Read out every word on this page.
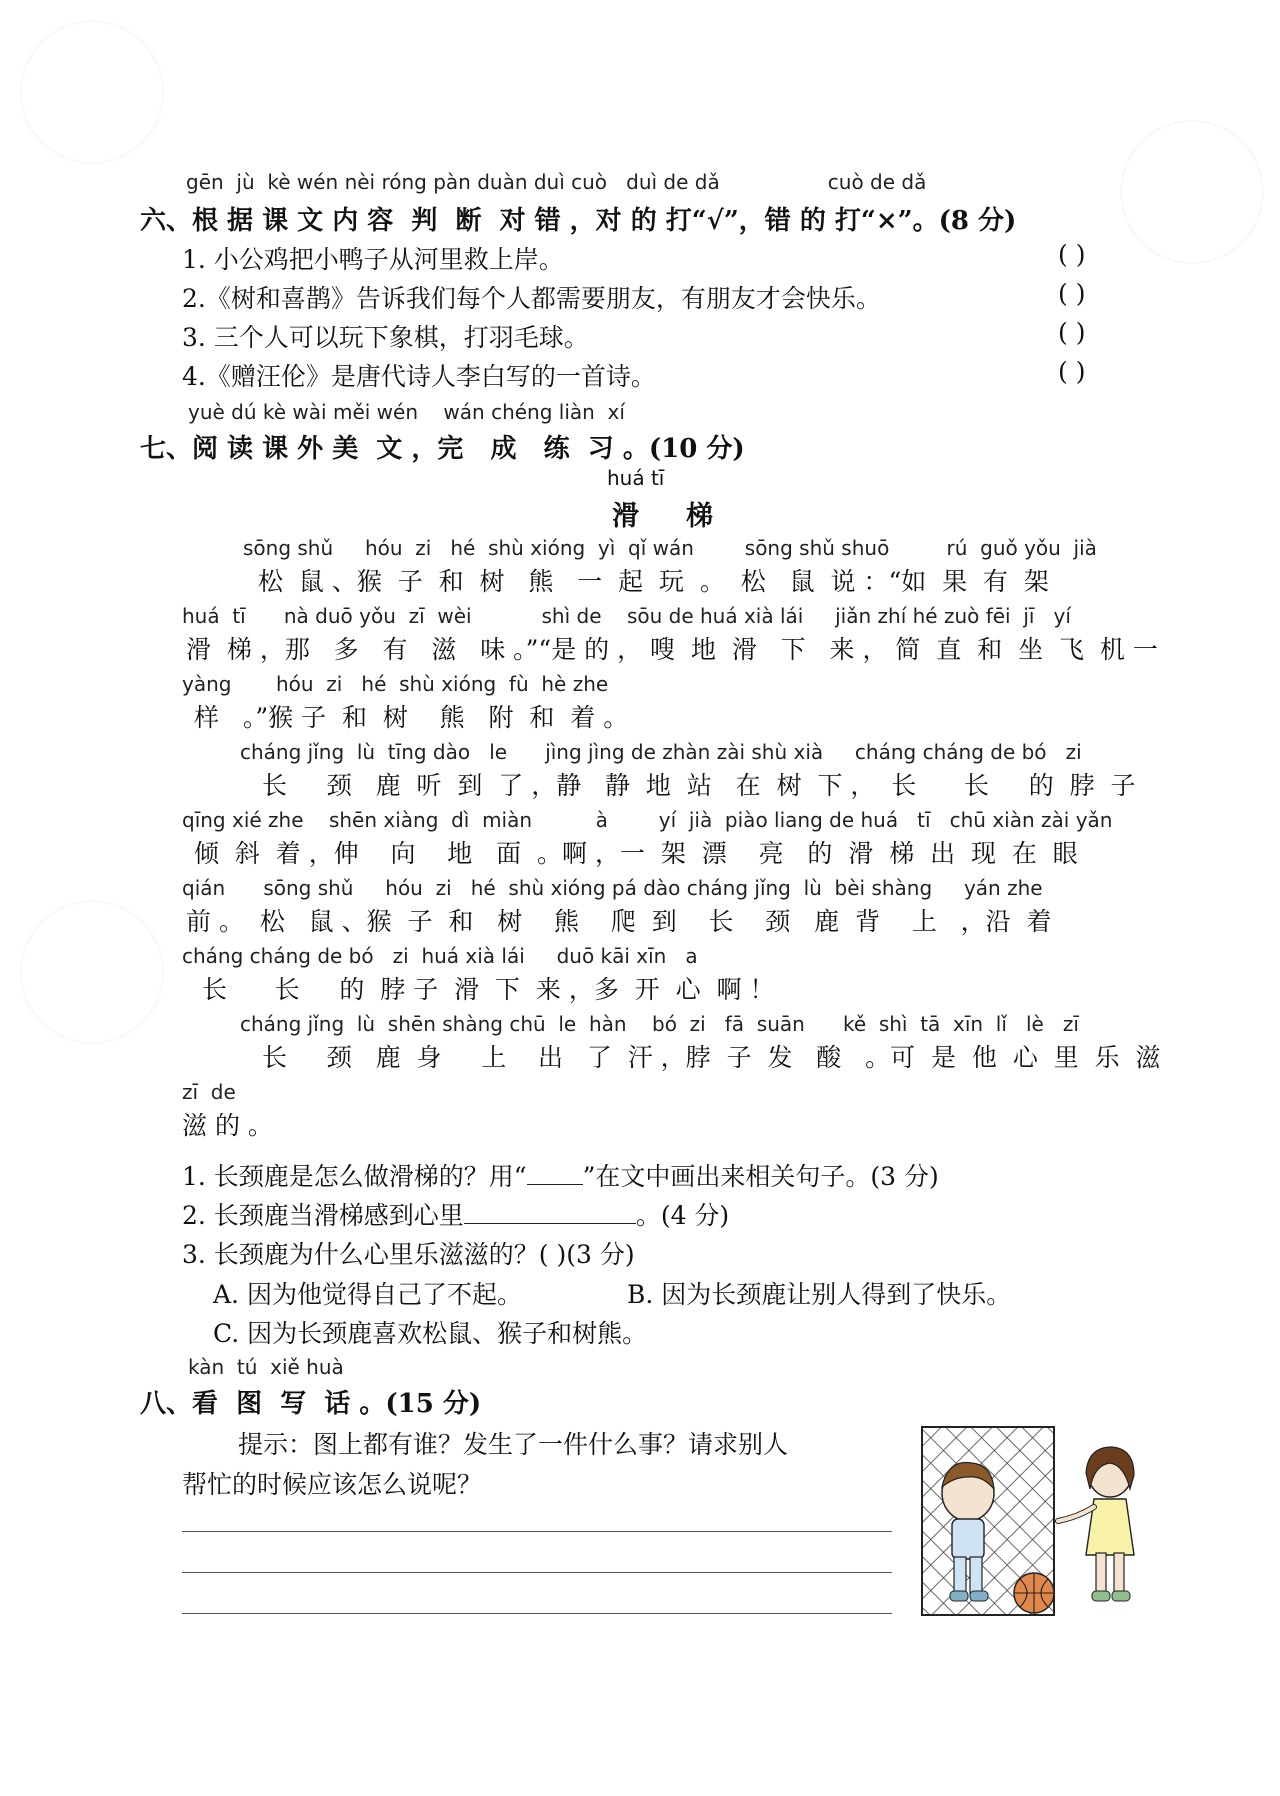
gēn  jù  kè wén nèi róng pàn duàn duì cuò   duì de dǎ                 cuò de dǎ
六、根 据 课 文 内 容  判  断  对 错 ，对 的 打“√”，错 的 打“×”。(8 分)
1. 小公鸡把小鸭子从河里救上岸。	( )
2.《树和喜鹊》告诉我们每个人都需要朋友，有朋友才会快乐。	( )
3. 三个人可以玩下象棋，打羽毛球。	( )
4.《赠汪伦》是唐代诗人李白写的一首诗。	( )
yuè dú kè wài měi wén    wán chéng liàn  xí
七、阅 读 课 外 美  文 ，完   成   练  习 。(10 分)
huá tī
滑     梯
sōng shǔ     hóu  zi   hé  shù xióng  yì  qǐ wán        sōng shǔ shuō         rú  guǒ yǒu  jià
松  鼠 、猴  子  和  树   熊   一  起  玩  。  松   鼠  说 ：“如  果  有  架
huá  tī      nà duō yǒu  zī  wèi           shì de    sōu de huá xià lái     jiǎn zhí hé zuò fēi  jī   yí
滑  梯 ，那   多   有   滋   味 。”“是 的 ， 嗖  地  滑   下   来 ， 简  直  和  坐  飞  机 一
yàng       hóu  zi   hé  shù xióng  fù  hè zhe
样   。”猴 子  和  树    熊   附  和  着 。
cháng jǐng  lù  tīng dào   le      jìng jìng de zhàn zài shù xià     cháng cháng de bó   zi
长     颈   鹿  听  到  了 ，静   静  地  站   在  树  下 ，  长      长     的  脖  子
qīng xié zhe    shēn xiàng  dì  miàn          à        yí  jià  piào liang de huá   tī   chū xiàn zài yǎn
倾  斜  着 ，伸    向    地   面  。啊 ，一  架  漂    亮   的  滑  梯  出  现  在  眼
qián      sōng shǔ     hóu  zi   hé  shù xióng pá dào cháng jǐng  lù  bèi shàng     yán zhe
前 。  松   鼠 、猴  子  和   树    熊    爬  到    长    颈   鹿  背    上   ，沿  着
cháng cháng de bó   zi  huá xià lái     duō kāi xīn   a
长      长     的  脖 子  滑  下  来 ，多  开  心  啊 ！
cháng jǐng  lù  shēn shàng chū  le  hàn    bó  zi   fā  suān      kě  shì  tā  xīn  lǐ   lè   zī
长     颈   鹿  身     上    出   了  汗 ，脖  子  发   酸   。可  是  他  心  里  乐  滋
zī  de
滋 的 。
1. 长颈鹿是怎么做滑梯的？用“ ”在文中画出来相关句子。(3 分)
2. 长颈鹿当滑梯感到心里	。(4 分)
3. 长颈鹿为什么心里乐滋滋的？( )(3 分)
A. 因为他觉得自己了不起。	B. 因为长颈鹿让别人得到了快乐。
C. 因为长颈鹿喜欢松鼠、猴子和树熊。
kàn  tú  xiě huà
八、看  图  写  话 。(15 分)
提示：图上都有谁？发生了一件什么事？请求别人
帮忙的时候应该怎么说呢？
